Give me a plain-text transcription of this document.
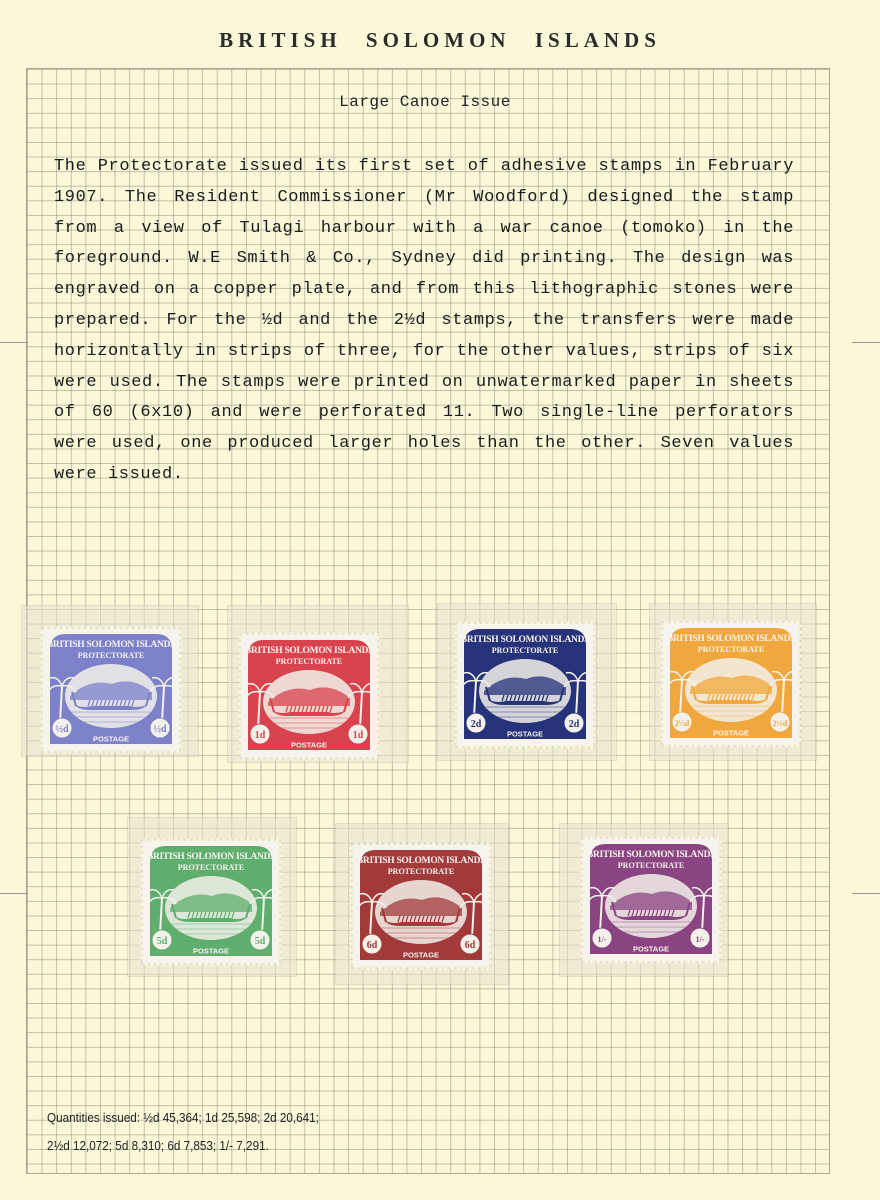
BRITISH SOLOMON ISLANDS
Large Canoe Issue
The Protectorate issued its first set of adhesive stamps in February 1907. The Resident Commissioner (Mr Woodford) designed the stamp from a view of Tulagi harbour with a war canoe (tomoko) in the foreground. W.E Smith & Co., Sydney did printing. The design was engraved on a copper plate, and from this lithographic stones were prepared. For the ½d and the 2½d stamps, the transfers were made horizontally in strips of three, for the other values, strips of six were used. The stamps were printed on unwatermarked paper in sheets of 60 (6x10) and were perforated 11. Two single-line perforators were used, one produced larger holes than the other. Seven values were issued.
½d	½d
BRITISH SOLOMON ISLANDS
PROTECTORATE
POSTAGE	1d	1d
BRITISH SOLOMON ISLANDS
PROTECTORATE
POSTAGE
2d	2d
BRITISH SOLOMON ISLANDS
PROTECTORATE
POSTAGE
2½d	2½d
BRITISH SOLOMON ISLANDS
PROTECTORATE
POSTAGE
5d	5d
BRITISH SOLOMON ISLANDS
PROTECTORATE
POSTAGE	6d	6d
BRITISH SOLOMON ISLANDS
PROTECTORATE
POSTAGE
1/-	1/-
BRITISH SOLOMON ISLANDS
PROTECTORATE
POSTAGE
Quantities issued: ½d 45,364; 1d 25,598; 2d 20,641;
2½d 12,072; 5d 8,310; 6d 7,853; 1/- 7,291.
